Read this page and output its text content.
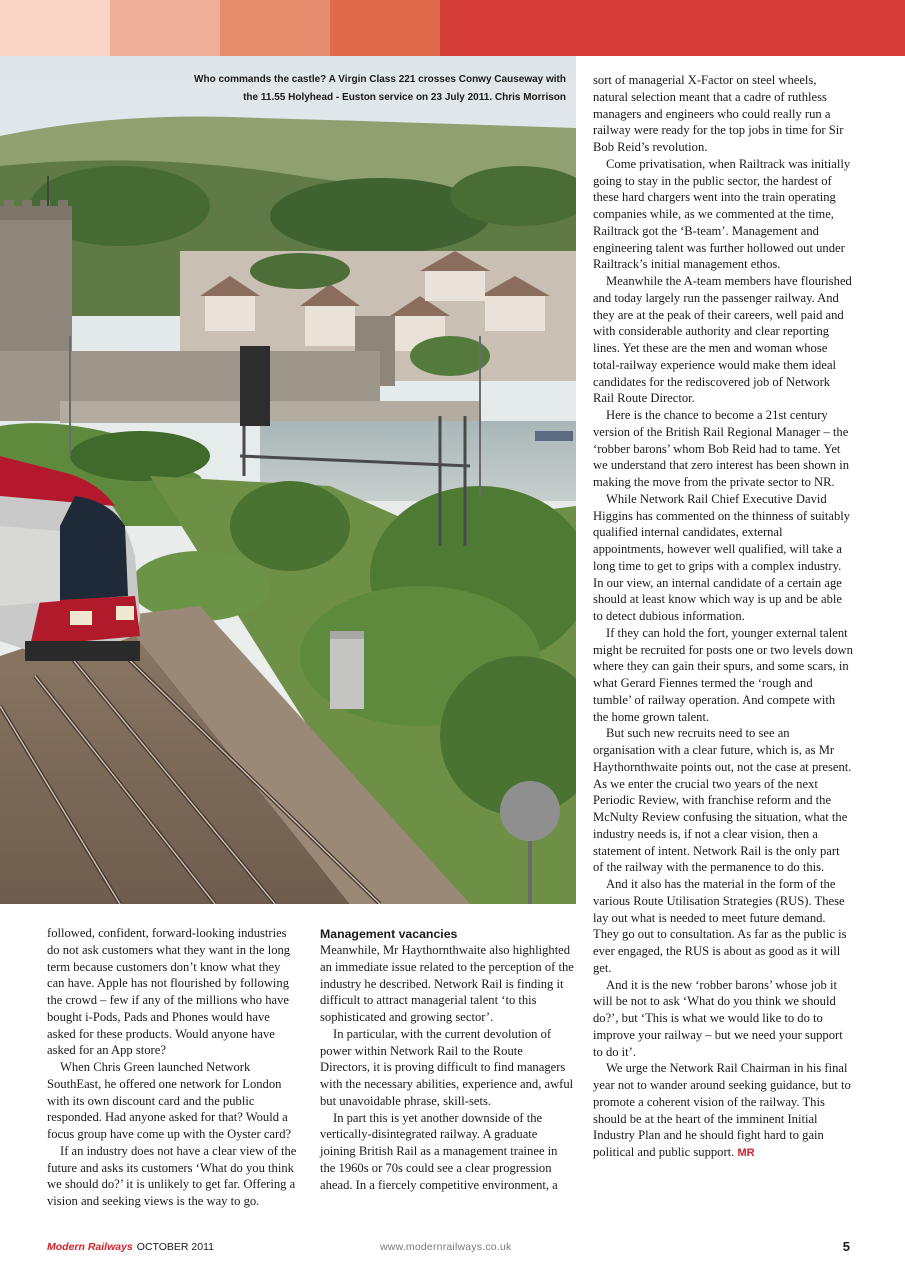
Who commands the castle? A Virgin Class 221 crosses Conwy Causeway with the 11.55 Holyhead - Euston service on 23 July 2011. Chris Morrison

followed, confident, forward-looking industries do not ask customers what they want in the long term because customers don’t know what they can have. Apple has not flourished by following the crowd – few if any of the millions who have bought i-Pods, Pads and Phones would have asked for these products. Would anyone have asked for an App store?

When Chris Green launched Network SouthEast, he offered one network for London with its own discount card and the public responded. Had anyone asked for that? Would a focus group have come up with the Oyster card?

If an industry does not have a clear view of the future and asks its customers ‘What do you think we should do?’ it is unlikely to get far. Offering a vision and seeking views is the way to go.

Management vacancies

Meanwhile, Mr Haythornthwaite also highlighted an immediate issue related to the perception of the industry he described. Network Rail is finding it difficult to attract managerial talent ‘to this sophisticated and growing sector’.

In particular, with the current devolution of power within Network Rail to the Route Directors, it is proving difficult to find managers with the necessary abilities, experience and, awful but unavoidable phrase, skill-sets.

In part this is yet another downside of the vertically-disintegrated railway. A graduate joining British Rail as a management trainee in the 1960s or 70s could see a clear progression ahead. In a fiercely competitive environment, a

sort of managerial X-Factor on steel wheels, natural selection meant that a cadre of ruthless managers and engineers who could really run a railway were ready for the top jobs in time for Sir Bob Reid’s revolution.

Come privatisation, when Railtrack was initially going to stay in the public sector, the hardest of these hard chargers went into the train operating companies while, as we commented at the time, Railtrack got the ‘B-team’. Management and engineering talent was further hollowed out under Railtrack’s initial management ethos.

Meanwhile the A-team members have flourished and today largely run the passenger railway. And they are at the peak of their careers, well paid and with considerable authority and clear reporting lines. Yet these are the men and woman whose total-railway experience would make them ideal candidates for the rediscovered job of Network Rail Route Director.

Here is the chance to become a 21st century version of the British Rail Regional Manager – the ‘robber barons’ whom Bob Reid had to tame. Yet we understand that zero interest has been shown in making the move from the private sector to NR.

While Network Rail Chief Executive David Higgins has commented on the thinness of suitably qualified internal candidates, external appointments, however well qualified, will take a long time to get to grips with a complex industry. In our view, an internal candidate of a certain age should at least know which way is up and be able to detect dubious information.

If they can hold the fort, younger external talent might be recruited for posts one or two levels down where they can gain their spurs, and some scars, in what Gerard Fiennes termed the ‘rough and tumble’ of railway operation. And compete with the home grown talent.

But such new recruits need to see an organisation with a clear future, which is, as Mr Haythornthwaite points out, not the case at present. As we enter the crucial two years of the next Periodic Review, with franchise reform and the McNulty Review confusing the situation, what the industry needs is, if not a clear vision, then a statement of intent. Network Rail is the only part of the railway with the permanence to do this.

And it also has the material in the form of the various Route Utilisation Strategies (RUS). These lay out what is needed to meet future demand. They go out to consultation. As far as the public is ever engaged, the RUS is about as good as it will get.

And it is the new ‘robber barons’ whose job it will be not to ask ‘What do you think we should do?’, but ‘This is what we would like to do to improve your railway – but we need your support to do it’.

We urge the Network Rail Chairman in his final year not to wander around seeking guidance, but to promote a coherent vision of the railway. This should be at the heart of the imminent Initial Industry Plan and he should fight hard to gain political and public support. MR

Modern Railways OCTOBER 2011	www.modernrailways.co.uk	5
